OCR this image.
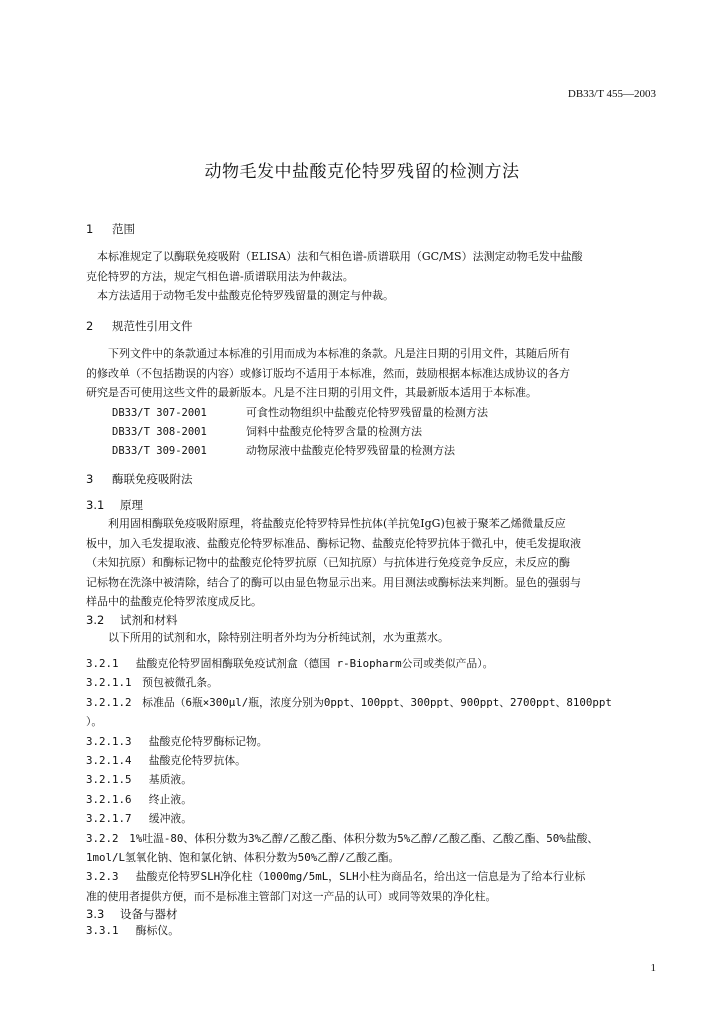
DB33/T 455—2003
动物毛发中盐酸克伦特罗残留的检测方法
1 范围
　本标准规定了以酶联免疫吸附（ELISA）法和气相色谱-质谱联用（GC/MS）法测定动物毛发中盐酸
克伦特罗的方法，规定气相色谱-质谱联用法为仲裁法。
　本方法适用于动物毛发中盐酸克伦特罗残留量的测定与仲裁。
2 规范性引用文件
　　下列文件中的条款通过本标准的引用而成为本标准的条款。凡是注日期的引用文件，其随后所有
的修改单（不包括勘误的内容）或修订版均不适用于本标准，然而，鼓励根据本标准达成协议的各方
研究是否可使用这些文件的最新版本。凡是不注日期的引用文件，其最新版本适用于本标准。
DB33/T 307-2001	可食性动物组织中盐酸克伦特罗残留量的检测方法
DB33/T 308-2001	饲料中盐酸克伦特罗含量的检测方法
DB33/T 309-2001	动物尿液中盐酸克伦特罗残留量的检测方法
3 酶联免疫吸附法
3.1 原理
　　利用固相酶联免疫吸附原理，将盐酸克伦特罗特异性抗体(羊抗兔IgG)包被于聚苯乙烯微量反应
板中，加入毛发提取液、盐酸克伦特罗标准品、酶标记物、盐酸克伦特罗抗体于微孔中，使毛发提取液
（未知抗原）和酶标记物中的盐酸克伦特罗抗原（已知抗原）与抗体进行免疫竞争反应，未反应的酶
记标物在洗涤中被清除，结合了的酶可以由显色物显示出来。用目测法或酶标法来判断。显色的强弱与
样品中的盐酸克伦特罗浓度成反比。
3.2 试剂和材料
　　以下所用的试剂和水，除特别注明者外均为分析纯试剂，水为重蒸水。
3.2.1　 盐酸克伦特罗固相酶联免疫试剂盒（德国 r-Biopharm公司或类似产品）。
3.2.1.1　预包被微孔条。
3.2.1.2　标准品（6瓶×300μl/瓶，浓度分别为0ppt、100ppt、300ppt、900ppt、2700ppt、8100ppt
）。
3.2.1.3　 盐酸克伦特罗酶标记物。
3.2.1.4　 盐酸克伦特罗抗体。
3.2.1.5　 基质液。
3.2.1.6　 终止液。
3.2.1.7　 缓冲液。
3.2.2　1%吐温-80、体积分数为3%乙醇/乙酸乙酯、体积分数为5%乙醇/乙酸乙酯、乙酸乙酯、50%盐酸、
1mol/L氢氧化钠、饱和氯化钠、体积分数为50%乙醇/乙酸乙酯。
3.2.3　 盐酸克伦特罗SLH净化柱（1000mg/5mL，SLH小柱为商品名，给出这一信息是为了给本行业标
准的使用者提供方便，而不是标准主管部门对这一产品的认可）或同等效果的净化柱。
3.3 设备与器材
3.3.1　 酶标仪。
1
